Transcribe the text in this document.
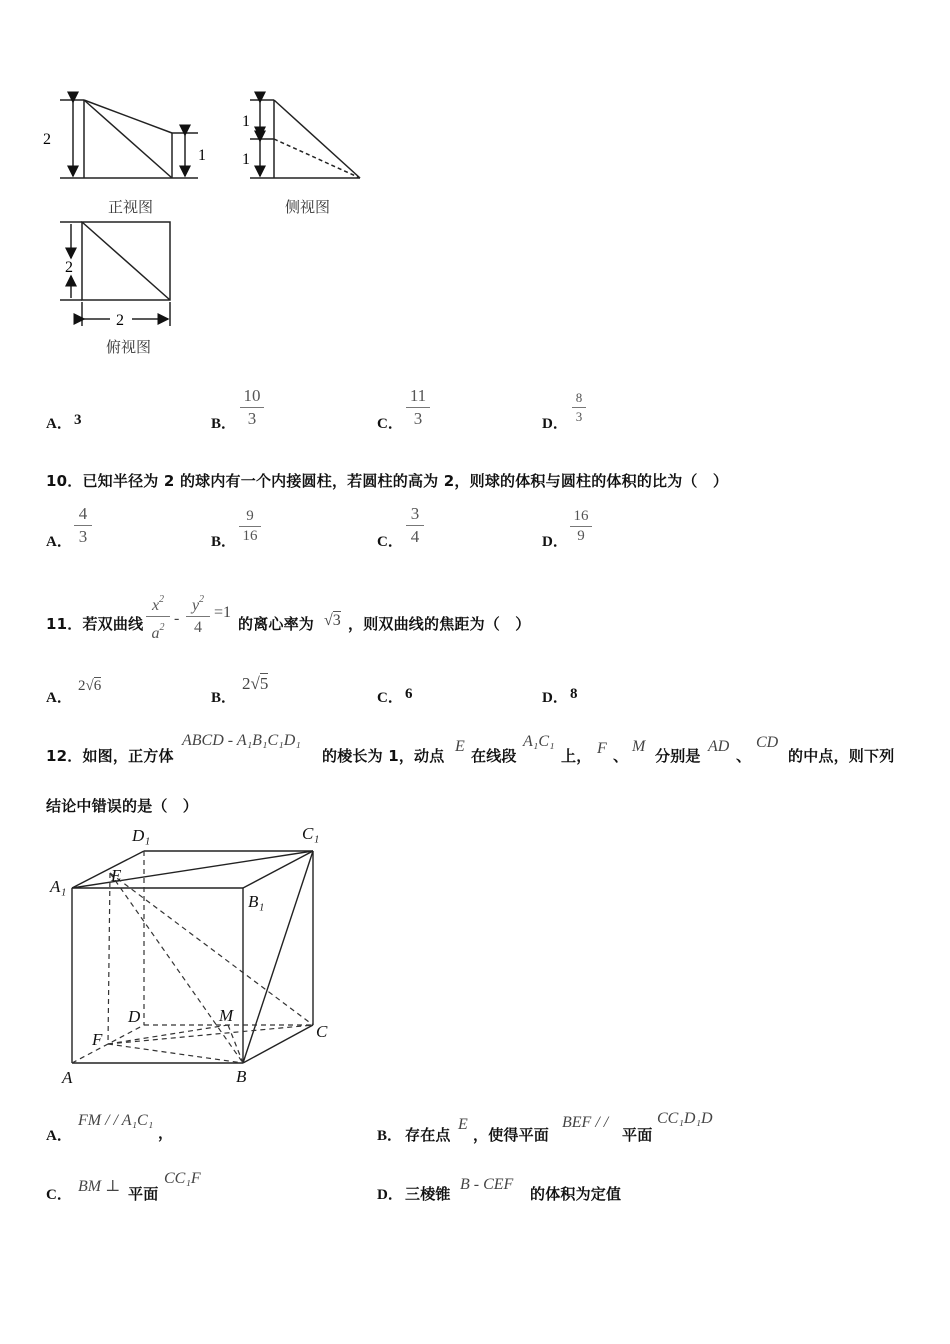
2
1
1
1
2
2
正视图	侧视图
俯视图
A． 3	B．
10
3	C．
11
3	D．
8
3
10．已知半径为 2 的球内有一个内接圆柱，若圆柱的高为 2，则球的体积与圆柱的体积的比为（　）
A．
4
3	B．
9
16	C．
3
4	D．
16
9
11．若双曲线
$x^2$
$a^2$
-
$y^2$
4
=1
的离心率为 √3 ，则双曲线的焦距为（　）
A．
2√6
B．
2√5
C． 6	D． 8
12．如图，正方体
ABCD - A₁B₁C₁D₁
的棱长为 1，动点
E
在线段
A₁C₁
上， F 、
M
分别是
AD
、
CD
的中点，则下列
结论中错误的是（　）
D₁	C₁
A₁
E
B₁
D	M
C
F
A	B
A．
FM / / A₁C₁
，	B． 存在点
E
，使得平面
BEF / /
平面
CC₁D₁D
C． BM ⊥ 平面
CC₁F
D． 三棱锥
B - CEF
的体积为定值
